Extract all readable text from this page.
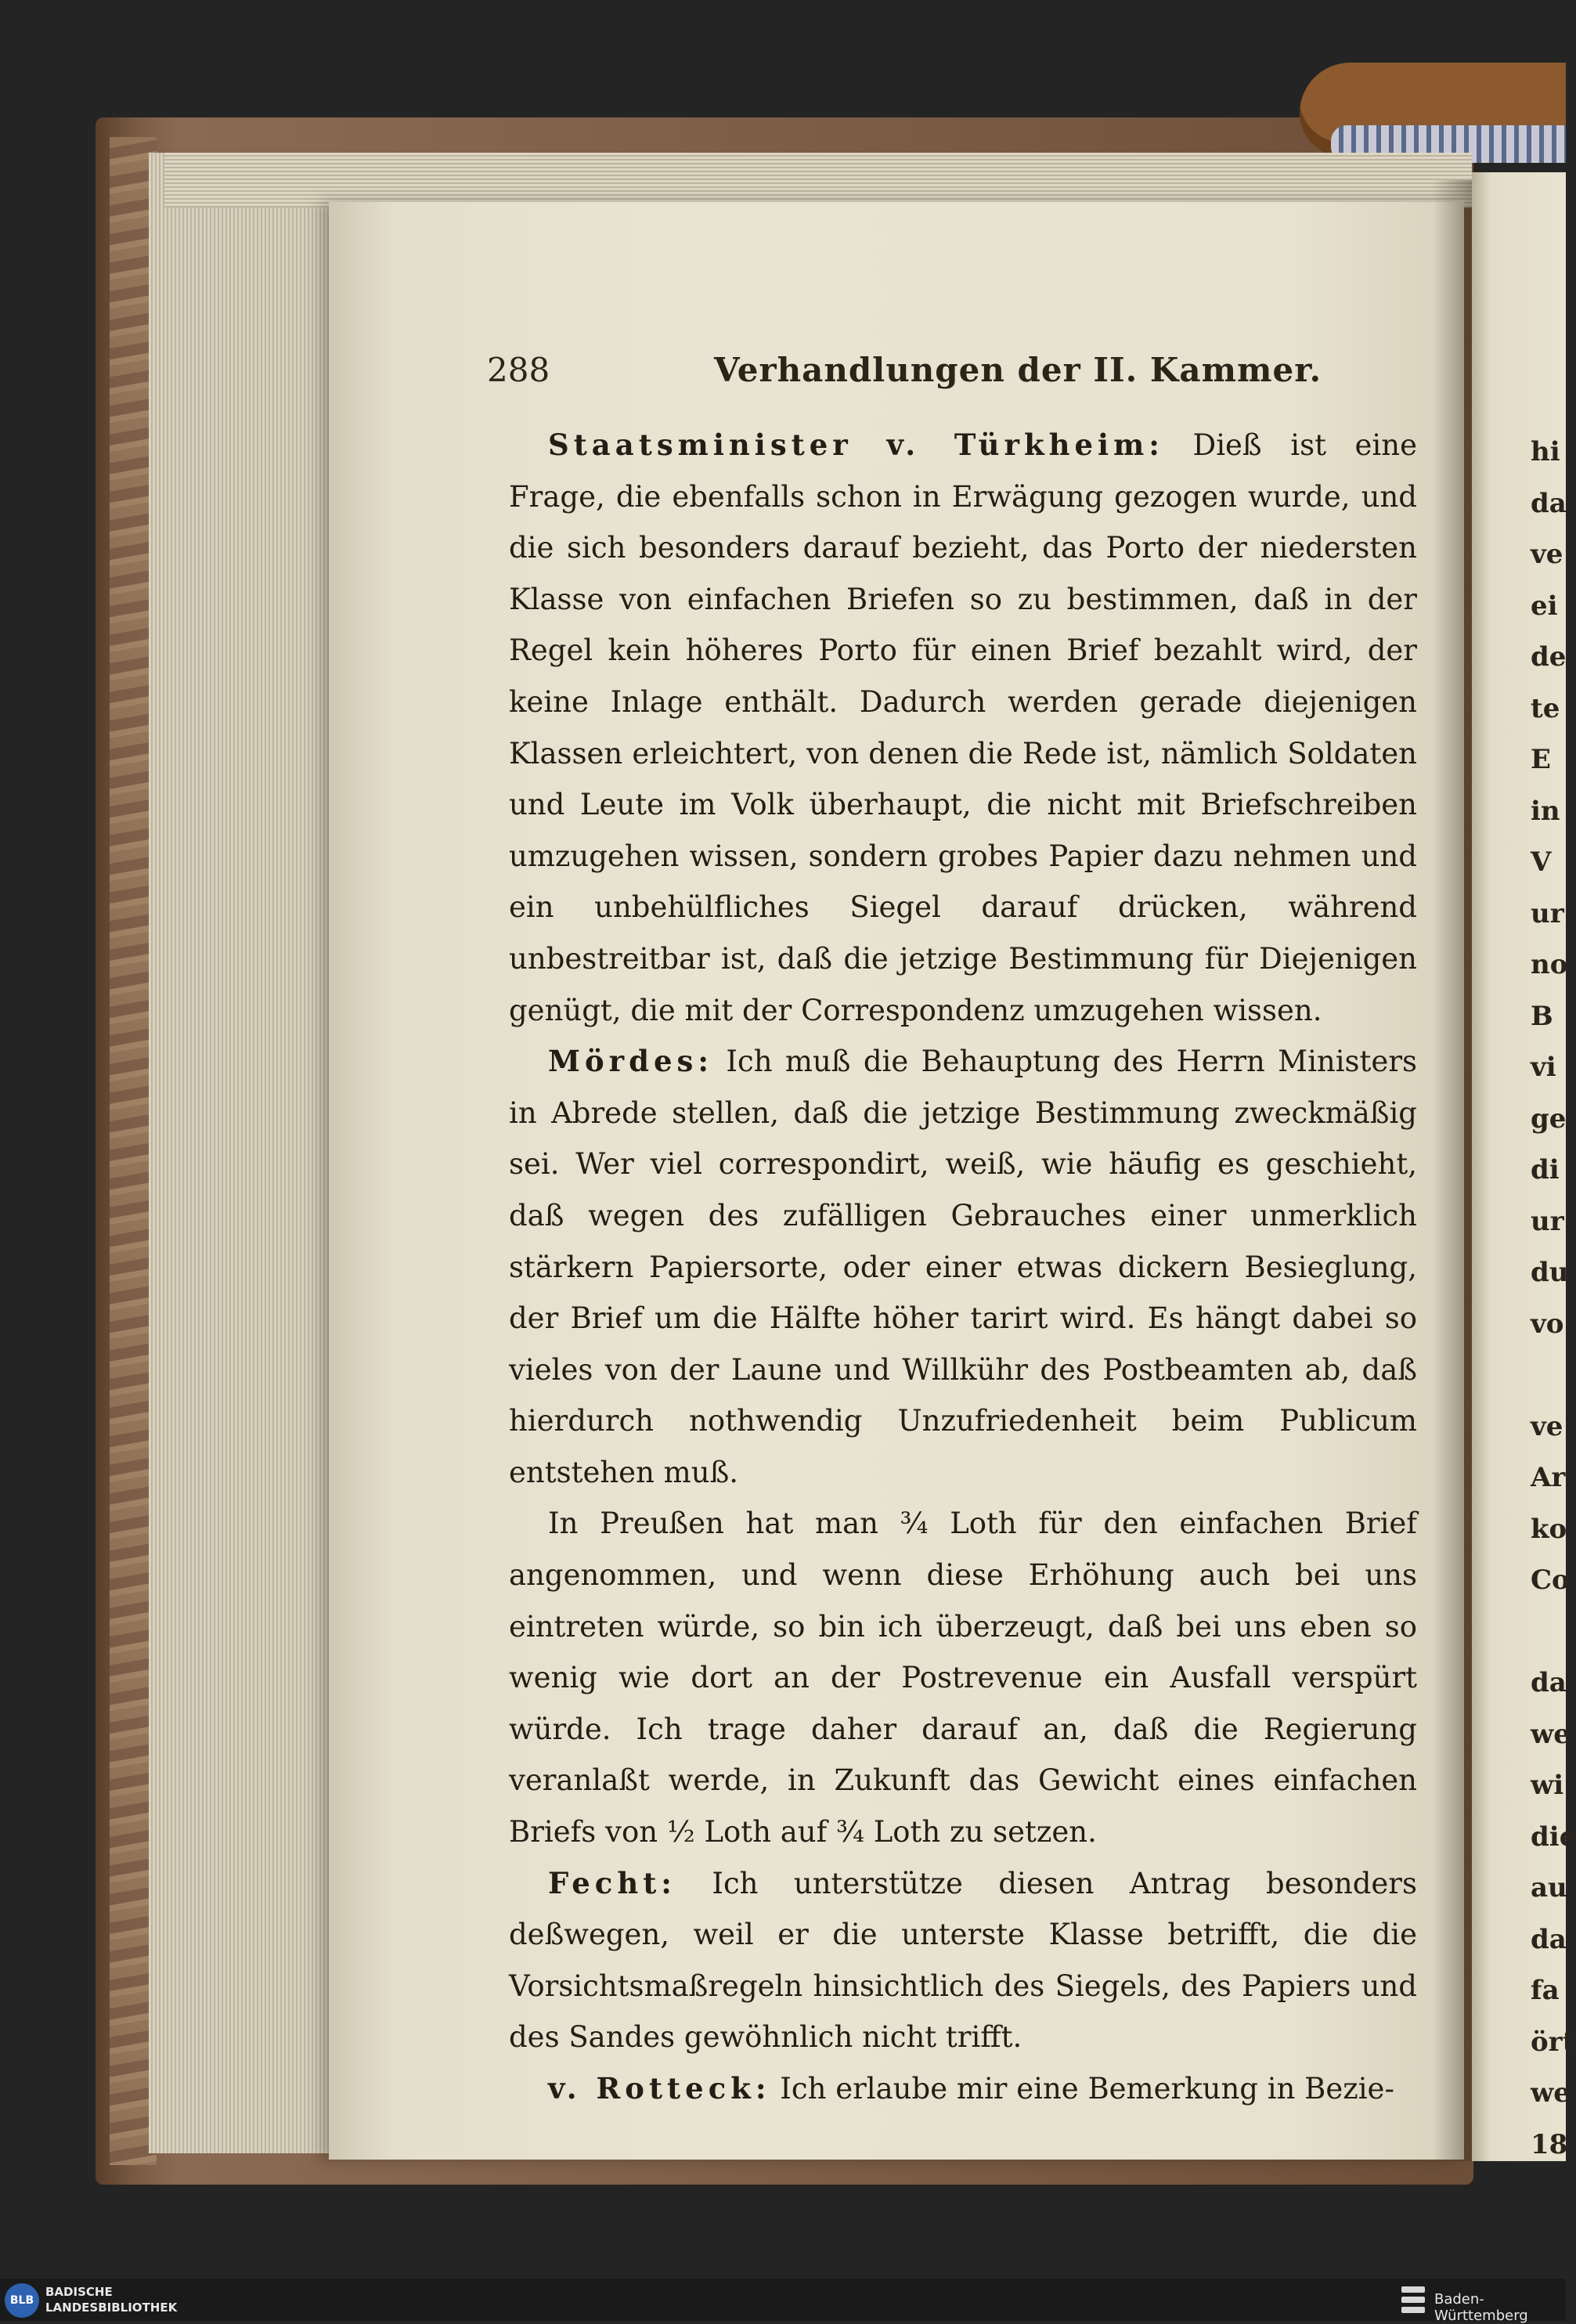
hi
da
ve
ei
de
te
E
in
V
ur
no
B
vi
ge
di
ur
du
vo
ve
Ar
ko
Co
da
we
wi
die
au
da
fa
ört
we
18
288	Verhandlungen der II. Kammer.

Staatsminister v. Türkheim: Dieß ist eine Frage, die ebenfalls schon in Erwägung gezogen wurde, und die sich besonders darauf bezieht, das Porto der niedersten Klasse von einfachen Briefen so zu bestimmen, daß in der Regel kein höheres Porto für einen Brief bezahlt wird, der keine Inlage enthält. Dadurch werden gerade diejenigen Klassen erleichtert, von denen die Rede ist, nämlich Soldaten und Leute im Volk überhaupt, die nicht mit Briefschreiben umzugehen wissen, sondern grobes Papier dazu nehmen und ein unbehülfliches Siegel darauf drücken, während unbestreitbar ist, daß die jetzige Bestimmung für Diejenigen genügt, die mit der Correspondenz umzugehen wissen.

Mördes: Ich muß die Behauptung des Herrn Ministers in Abrede stellen, daß die jetzige Bestimmung zweckmäßig sei. Wer viel correspondirt, weiß, wie häufig es geschieht, daß wegen des zufälligen Gebrauches einer unmerklich stärkern Papiersorte, oder einer etwas dickern Besieglung, der Brief um die Hälfte höher tarirt wird. Es hängt dabei so vieles von der Laune und Willkühr des Postbeamten ab, daß hierdurch nothwendig Unzufriedenheit beim Publicum entstehen muß.

In Preußen hat man ¾ Loth für den einfachen Brief angenommen, und wenn diese Erhöhung auch bei uns eintreten würde, so bin ich überzeugt, daß bei uns eben so wenig wie dort an der Postrevenue ein Ausfall verspürt würde. Ich trage daher darauf an, daß die Regierung veranlaßt werde, in Zukunft das Gewicht eines einfachen Briefs von ½ Loth auf ¾ Loth zu setzen.

Fecht: Ich unterstütze diesen Antrag besonders deßwegen, weil er die unterste Klasse betrifft, die die Vorsichtsmaßregeln hinsichtlich des Siegels, des Papiers und des Sandes gewöhnlich nicht trifft.

v. Rotteck: Ich erlaube mir eine Bemerkung in Bezie-

BLB
BADISCHE
LANDESBIBLIOTHEK	Baden-Württemberg
